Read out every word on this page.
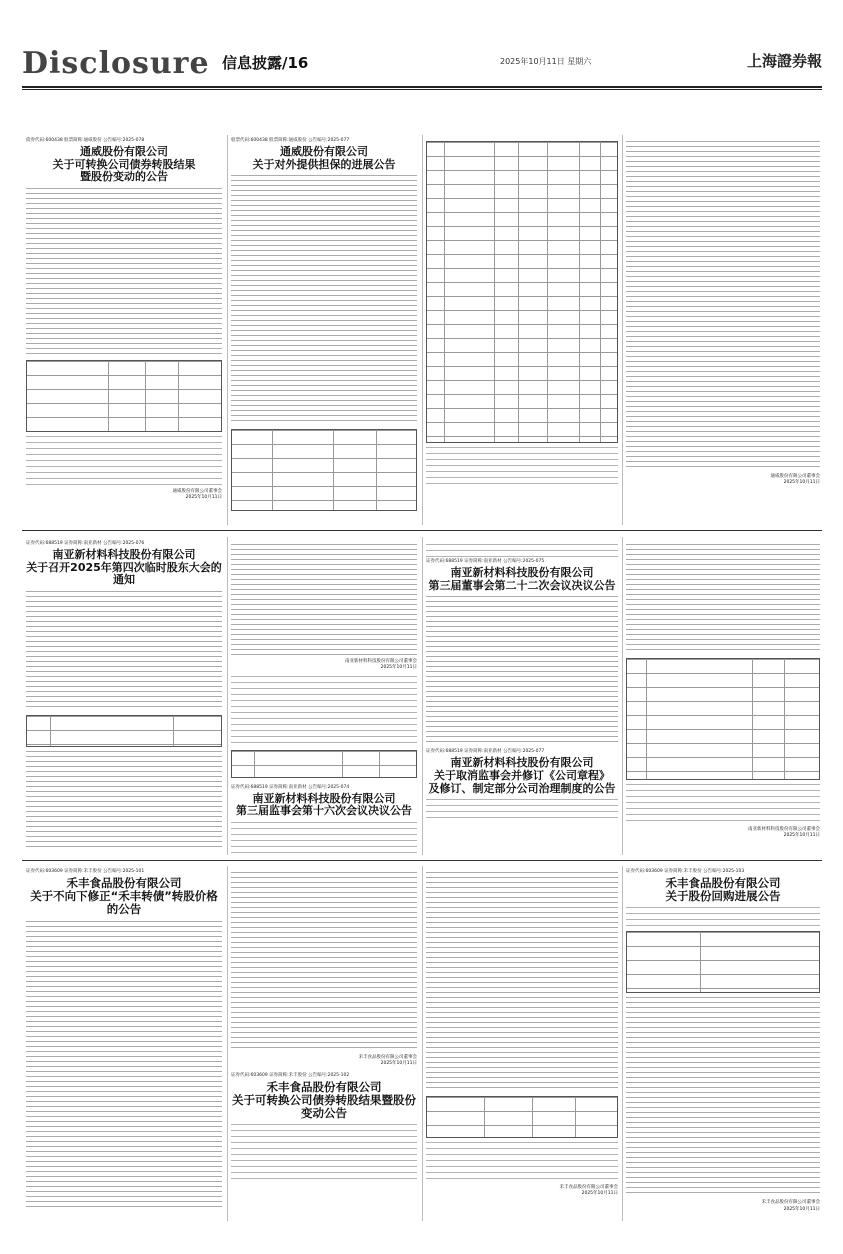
Disclosure 信息披露/16	2025年10月11日 星期六	上海證券報
债券代码:600438 股票简称:通威股份 公告编号:2025-078
通威股份有限公司
关于可转换公司债券转股结果
暨股份变动的公告
通威股份有限公司董事会
2025年10月11日
股票代码:600438 股票简称:通威股份 公告编号:2025-077
通威股份有限公司
关于对外提供担保的进展公告
通威股份有限公司董事会
2025年10月11日
证券代码:688519 证券简称:南亚新材 公告编号:2025-076
南亚新材料科技股份有限公司
关于召开2025年第四次临时股东大会的通知
南亚新材料科技股份有限公司董事会
2025年10月11日
证券代码:688519 证券简称:南亚新材 公告编号:2025-074
南亚新材料科技股份有限公司
第三届监事会第十六次会议决议公告
证券代码:688519 证券简称:南亚新材 公告编号:2025-075
南亚新材料科技股份有限公司
第三届董事会第二十二次会议决议公告
证券代码:688519 证券简称:南亚新材 公告编号:2025-077
南亚新材料科技股份有限公司
关于取消监事会并修订《公司章程》
及修订、制定部分公司治理制度的公告
南亚新材料科技股份有限公司董事会
2025年10月11日
证券代码:603609 证券简称:禾丰股份 公告编号:2025-101
禾丰食品股份有限公司
关于不向下修正“禾丰转债”转股价格的公告
禾丰食品股份有限公司董事会
2025年10月11日
证券代码:603609 证券简称:禾丰股份 公告编号:2025-102
禾丰食品股份有限公司
关于可转换公司债券转股结果暨股份变动公告
禾丰食品股份有限公司董事会
2025年10月11日
证券代码:603609 证券简称:禾丰股份 公告编号:2025-103
禾丰食品股份有限公司
关于股份回购进展公告
禾丰食品股份有限公司董事会
2025年10月11日
